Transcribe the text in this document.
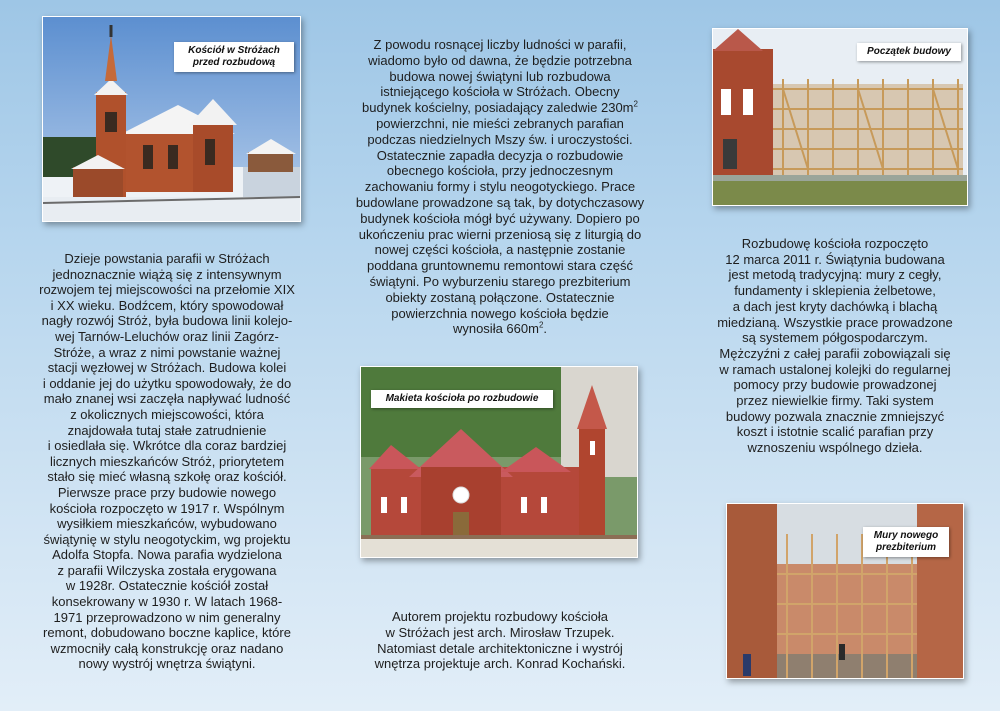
Kościół w Stróżach
przed rozbudową

Dzieje powstania parafii w Stróżach

jednoznacznie wiążą się z intensywnym

rozwojem tej miejscowości na przełomie XIX

i XX wieku. Bodźcem, który spowodował

nagły rozwój Stróż, była budowa linii kolejo-

wej Tarnów-Leluchów oraz linii Zagórz-

Stróże, a wraz z nimi powstanie ważnej

stacji węzłowej w Stróżach. Budowa kolei

i oddanie jej do użytku spowodowały, że do

mało znanej wsi zaczęła napływać ludność

z okolicznych miejscowości, która

znajdowała tutaj stałe zatrudnienie

i osiedlała się. Wkrótce dla coraz bardziej

licznych mieszkańców Stróż, priorytetem

stało się mieć własną szkołę oraz kościół.

Pierwsze prace przy budowie nowego

kościoła rozpoczęto w 1917 r. Wspólnym

wysiłkiem mieszkańców, wybudowano

świątynię w stylu neogotyckim, wg projektu

Adolfa Stopfa. Nowa parafia wydzielona

z parafii Wilczyska została erygowana

w 1928r. Ostatecznie kościół został

konsekrowany w 1930 r. W latach 1968-

1971 przeprowadzono w nim generalny

remont, dobudowano boczne kaplice, które

wzmocniły całą konstrukcję oraz nadano

nowy wystrój wnętrza świątyni.

Z powodu rosnącej liczby ludności w parafii,

wiadomo było od dawna, że będzie potrzebna

budowa nowej świątyni lub rozbudowa

istniejącego kościoła w Stróżach. Obecny

budynek kościelny, posiadający zaledwie $230m^2$

powierzchni, nie mieści zebranych parafian

podczas niedzielnych Mszy św. i uroczystości.

Ostatecznie zapadła decyzja o rozbudowie

obecnego kościoła, przy jednoczesnym

zachowaniu formy i stylu neogotyckiego. Prace

budowlane prowadzone są tak, by dotychczasowy

budynek kościoła mógł być używany. Dopiero po

ukończeniu prac wierni przeniosą się z liturgią do

nowej części kościoła, a następnie zostanie

poddana gruntownemu remontowi stara część

świątyni. Po wyburzeniu starego prezbiterium

obiekty zostaną połączone. Ostatecznie

powierzchnia nowego kościoła będzie

wynosiła $660m^2$.

Makieta kościoła po rozbudowie

Autorem projektu rozbudowy kościoła

w Stróżach jest arch. Mirosław Trzupek.

Natomiast detale architektoniczne i wystrój

wnętrza projektuje arch. Konrad Kochański.

Początek budowy

Rozbudowę kościoła rozpoczęto

12 marca 2011 r. Świątynia budowana

jest metodą tradycyjną: mury z cegły,

fundamenty i sklepienia żelbetowe,

a dach jest kryty dachówką i blachą

miedzianą. Wszystkie prace prowadzone

są systemem półgospodarczym.

Mężczyźni z całej parafii zobowiązali się

w ramach ustalonej kolejki do regularnej

pomocy przy budowie prowadzonej

przez niewielkie firmy. Taki system

budowy pozwala znacznie zmniejszyć

koszt i istotnie scalić parafian przy

wznoszeniu wspólnego dzieła.

Mury nowego
prezbiterium
